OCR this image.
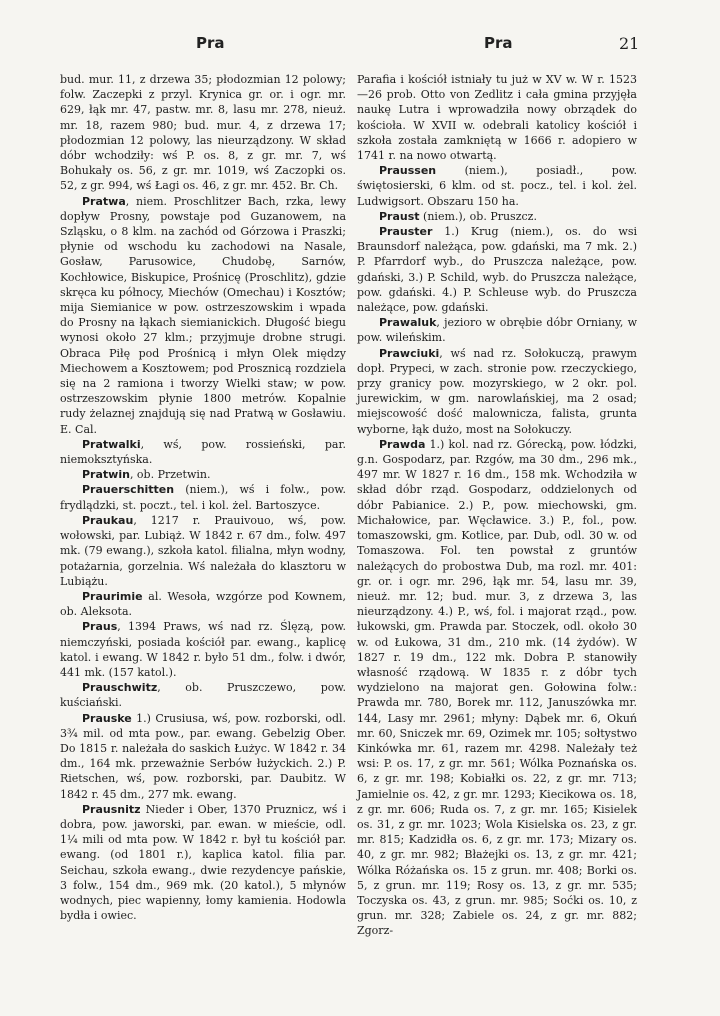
Pra	Pra	21

bud. mur. 11, z drzewa 35; płodozmian 12 polowy; folw. Zaczepki z przyl. Krynica gr. or. i ogr. mr. 629, łąk mr. 47, pastw. mr. 8, lasu mr. 278, nieuż. mr. 18, razem 980; bud. mur. 4, z drzewa 17; płodozmian 12 polowy, las nieurządzony. W skład dóbr wchodziły: wś P. os. 8, z gr. mr. 7, wś Bohukały os. 56, z gr. mr. 1019, wś Zaczopki os. 52, z gr. 994, wś Łagi os. 46, z gr. mr. 452. Br. Ch.

Pratwa, niem. Proschlitzer Bach, rzka, lewy dopływ Prosny, powstaje pod Guzanowem, na Szląsku, o 8 klm. na zachód od Górzowa i Praszki; płynie od wschodu ku zachodowi na Nasale, Gosław, Parusowice, Chudobę, Sarnów, Kochłowice, Biskupice, Prośnicę (Proschlitz), gdzie skręca ku północy, Miechów (Omechau) i Kosztów; mija Siemianice w pow. ostrzeszowskim i wpada do Prosny na łąkach siemianickich. Długość biegu wynosi około 27 klm.; przyjmuje drobne strugi. Obraca Piłę pod Prośnicą i młyn Olek między Miechowem a Kosztowem; pod Prosznicą rozdziela się na 2 ramiona i tworzy Wielki staw; w pow. ostrzeszowskim płynie 1800 metrów. Kopalnie rudy żelaznej znajdują się nad Pratwą w Gosławiu. E. Cal.

Pratwalki, wś, pow. rossieński, par. niemoksztyńska.

Pratwin, ob. Przetwin.

Prauerschitten (niem.), wś i folw., pow. frydlądzki, st. poczt., tel. i kol. żel. Bartoszyce.

Praukau, 1217 r. Prauivouo, wś, pow. wołowski, par. Lubiąż. W 1842 r. 67 dm., folw. 497 mk. (79 ewang.), szkoła katol. filialna, młyn wodny, potażarnia, gorzelnia. Wś należała do klasztoru w Lubiążu.

Praurimie al. Wesoła, wzgórze pod Kownem, ob. Aleksota.

Praus, 1394 Praws, wś nad rz. Ślęzą, pow. niemczyński, posiada kościół par. ewang., kaplicę katol. i ewang. W 1842 r. było 51 dm., folw. i dwór, 441 mk. (157 katol.).

Prauschwitz, ob. Pruszczewo, pow. kuściański.

Prauske 1.) Crusiusa, wś, pow. rozborski, odl. 3¾ mil. od mta pow., par. ewang. Gebelzig Ober. Do 1815 r. należała do saskich Łużyc. W 1842 r. 34 dm., 164 mk. przeważnie Serbów łużyckich. 2.) P. Rietschen, wś, pow. rozborski, par. Daubitz. W 1842 r. 45 dm., 277 mk. ewang.

Prausnitz Nieder i Ober, 1370 Pruznicz, wś i dobra, pow. jaworski, par. ewan. w mieście, odl. 1¼ mili od mta pow. W 1842 r. był tu kościół par. ewang. (od 1801 r.), kaplica katol. filia par. Seichau, szkoła ewang., dwie rezydencye pańskie, 3 folw., 154 dm., 969 mk. (20 katol.), 5 młynów wodnych, piec wapienny, łomy kamienia. Hodowla bydła i owiec.

Parafia i kościół istniały tu już w XV w. W r. 1523—26 prob. Otto von Zedlitz i cała gmina przyjęła naukę Lutra i wprowadziła nowy obrządek do kościoła. W XVII w. odebrali katolicy kościół i szkoła została zamkniętą w 1666 r. adopiero w 1741 r. na nowo otwartą.

Praussen (niem.), posiadł., pow. świętosierski, 6 klm. od st. pocz., tel. i kol. żel. Ludwigsort. Obszaru 150 ha.

Praust (niem.), ob. Pruszcz.

Prauster 1.) Krug (niem.), os. do wsi Braunsdorf należąca, pow. gdański, ma 7 mk. 2.) P. Pfarrdorf wyb., do Pruszcza należące, pow. gdański, 3.) P. Schild, wyb. do Pruszcza należące, pow. gdański. 4.) P. Schleuse wyb. do Pruszcza należące, pow. gdański.

Prawaluk, jezioro w obrębie dóbr Orniany, w pow. wileńskim.

Prawciuki, wś nad rz. Sołokuczą, prawym dopł. Prypeci, w zach. stronie pow. rzeczyckiego, przy granicy pow. mozyrskiego, w 2 okr. pol. jurewickim, w gm. narowlańskiej, ma 2 osad; miejscowość dość malownicza, falista, grunta wyborne, łąk dużo, most na Sołokuczy.

Prawda 1.) kol. nad rz. Górecką, pow. łódzki, g.n. Gospodarz, par. Rzgów, ma 30 dm., 296 mk., 497 mr. W 1827 r. 16 dm., 158 mk. Wchodziła w skład dóbr rząd. Gospodarz, oddzielonych od dóbr Pabianice. 2.) P., pow. miechowski, gm. Michałowice, par. Węcławice. 3.) P., fol., pow. tomaszowski, gm. Kotlice, par. Dub, odl. 30 w. od Tomaszowa. Fol. ten powstał z gruntów należących do probostwa Dub, ma rozl. mr. 401: gr. or. i ogr. mr. 296, łąk mr. 54, lasu mr. 39, nieuż. mr. 12; bud. mur. 3, z drzewa 3, las nieurządzony. 4.) P., wś, fol. i majorat rząd., pow. łukowski, gm. Prawda par. Stoczek, odl. około 30 w. od Łukowa, 31 dm., 210 mk. (14 żydów). W 1827 r. 19 dm., 122 mk. Dobra P. stanowiły własność rządową. W 1835 r. z dóbr tych wydzielono na majorat gen. Gołowina folw.: Prawda mr. 780, Borek mr. 112, Januszówka mr. 144, Lasy mr. 2961; młyny: Dąbek mr. 6, Okuń mr. 60, Sniczek mr. 69, Ozimek mr. 105; sołtystwo Kinkówka mr. 61, razem mr. 4298. Należały też wsi: P. os. 17, z gr. mr. 561; Wólka Poznańska os. 6, z gr. mr. 198; Kobiałki os. 22, z gr. mr. 713; Jamielnie os. 42, z gr. mr. 1293; Kiecikowa os. 18, z gr. mr. 606; Ruda os. 7, z gr. mr. 165; Kisielek os. 31, z gr. mr. 1023; Wola Kisielska os. 23, z gr. mr. 815; Kadzidła os. 6, z gr. mr. 173; Mizary os. 40, z gr. mr. 982; Błażejki os. 13, z gr. mr. 421; Wólka Różańska os. 15 z grun. mr. 408; Borki os. 5, z grun. mr. 119; Rosy os. 13, z gr. mr. 535; Toczyska os. 43, z grun. mr. 985; Soćki os. 10, z grun. mr. 328; Zabiele os. 24, z gr. mr. 882; Zgorz-
